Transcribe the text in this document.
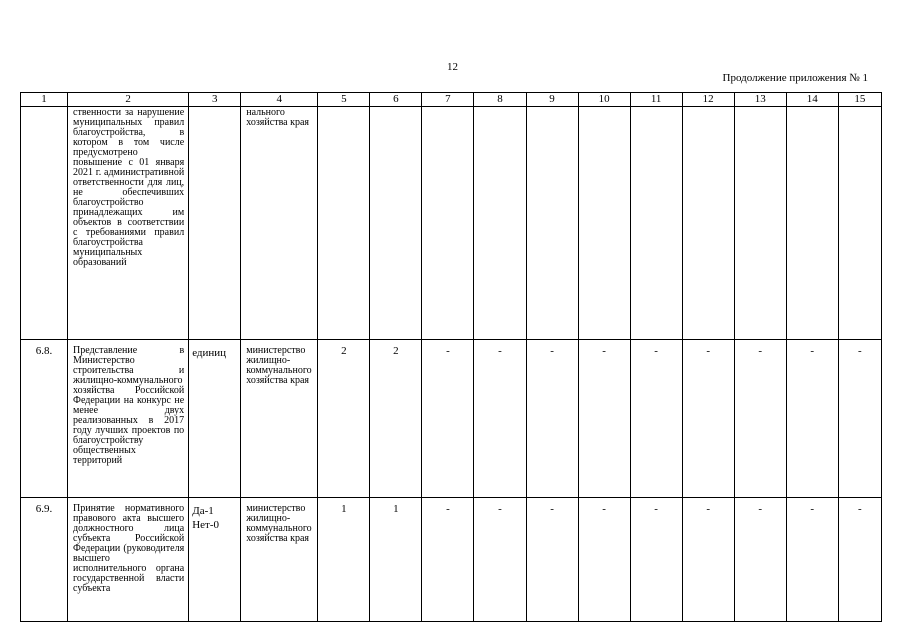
12
Продолжение приложения № 1
1	2	3	4	5	6	7	8	9	10	11	12	13	14	15

	ственности за нарушение муниципальных правил благоустройства, в котором в том числе предусмотрено повышение с 01 января 2021 г. административной ответственности для лиц, не обеспечивших благоустройство принадлежащих им объектов в соответствии с требованиями правил благоустройства муниципальных образований		нального хозяйства края											

6.8.	Представление в Министерство строительства и жилищно-коммунального хозяйства Российской Федерации на конкурс не менее двух реализованных в 2017 году лучших проектов по благоустройству общественных территорий	единиц	министерство жилищно-коммунального хозяйства края	2	2	-	-	-	-	-	-	-	-	-
6.9.	Принятие нормативного правового акта высшего должностного лица субъекта Российской Федерации (руководителя высшего исполнительного органа государственной власти субъекта	Да-1 Нет-0	министерство жилищно-коммунального хозяйства края	1	1	-	-	-	-	-	-	-	-	-
